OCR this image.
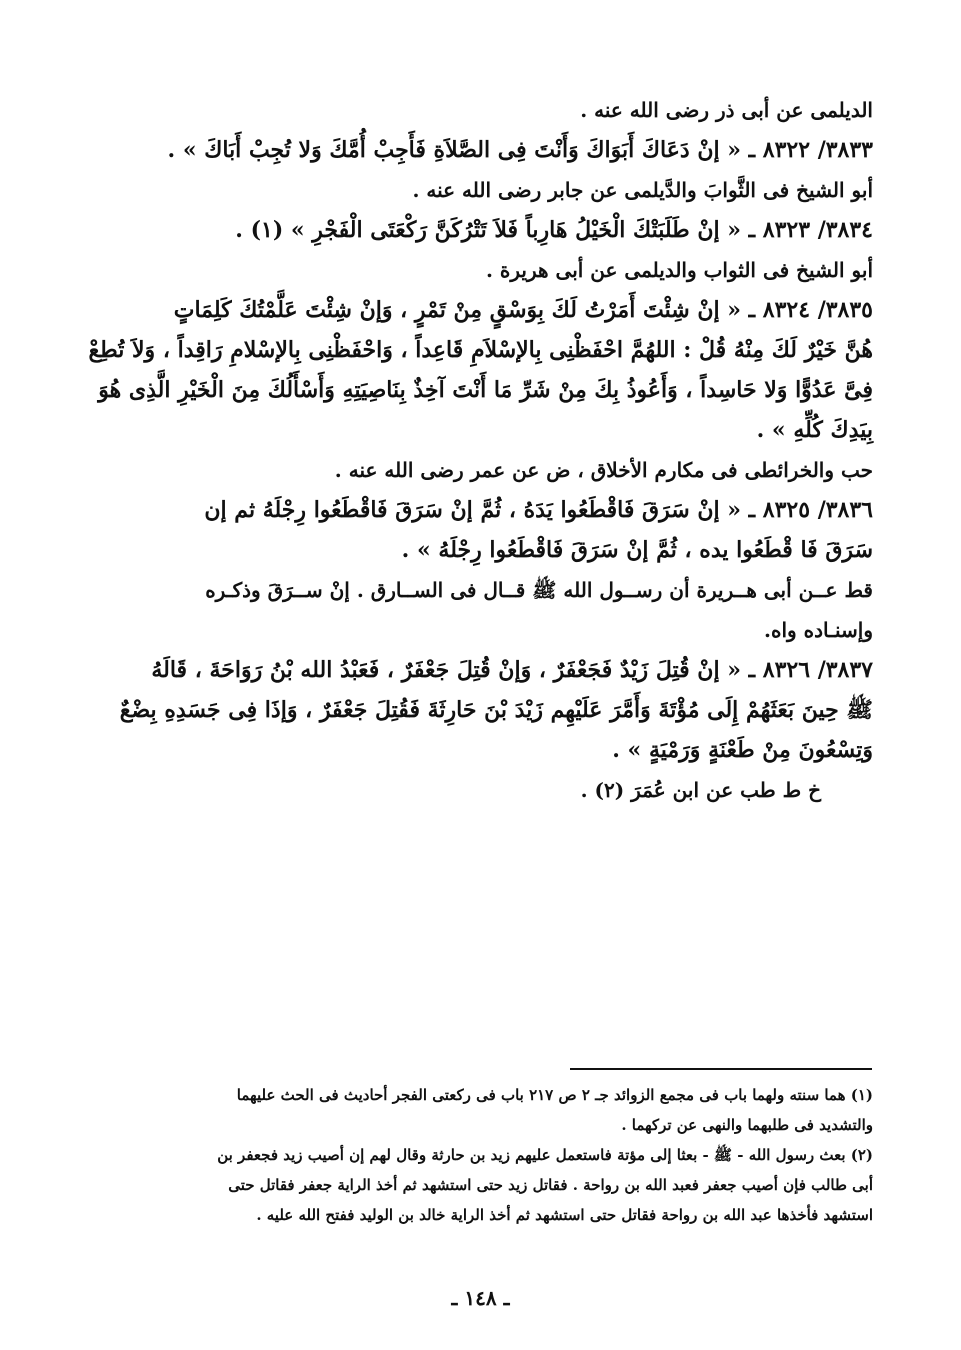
الديلمى عن أبى ذر رضى الله عنه .

٣٨٣٣/ ٨٣٢٢ ـ « إنْ دَعَاكَ أَبَوَاكَ وَأَنْتَ فِى الصَّلاَةِ فَأَجِبْ أُمَّكَ وَلا تُجِبْ أَبَاكَ » .

أبو الشيخ فى الثَّوابَ والدَّيلمى عن جابر رضى الله عنه .

٣٨٣٤/ ٨٣٢٣ ـ « إنْ طَلَبَتْكَ الْخَيْلُ هَارِباً فَلاَ تَتْرُكَنَّ رَكْعَتَى الْفَجْرِ » (١) .

أبو الشيخ فى الثواب والديلمى عن أبى هريرة .

٣٨٣٥/ ٨٣٢٤ ـ « إنْ شِئْتَ أَمَرْتُ لَكَ بِوَسْقٍ مِنْ تَمْرٍ ، وَإنْ شِئْتَ عَلَّمْتُكَ كَلِمَاتٍ

هُنَّ خَيْرٌ لَكَ مِنْهُ قُلْ : اللهُمَّ احْفَظْنِى بِالإسْلاَمِ قَاعِداً ، وَاحْفَظْنِى بِالإسْلامِ رَاقِداً ، وَلاَ تُطِعْ

فِىَّ عَدُوًّا وَلا حَاسِداً ، وَأَعُوذُ بِكَ مِنْ شَرِّ مَا أَنْتَ آخِذٌ بِنَاصِيَتِهِ وَأَسْأَلُكَ مِنَ الْخَيْرِ الَّذِى هُوَ

بِيَدِكَ كُلِّهِ » .

حب والخرائطى فى مكارم الأخلاق ، ض عن عمر رضى الله عنه .

٣٨٣٦/ ٨٣٢٥ ـ « إنْ سَرَقَ فَاقْطَعُوا يَدَهُ ، ثُمَّ إنْ سَرَقَ فَاقْطَعُوا رِجْلَهُ ثم إن

سَرَقَ فَا قْطَعُوا يده ، ثُمَّ إنْ سَرَقَ فَاقْطَعُوا رِجْلَهُ » .

قط عــن أبى هــريرة أن رســول الله ﷺ قــال فى الســارق . إنْ ســرَقَ وذكـره

وإسنـاده واه.

٣٨٣٧/ ٨٣٢٦ ـ « إنْ قُتِلَ زَيْدٌ فَجَعْفَرٌ ، وَإنْ قُتِلَ جَعْفَرٌ ، فَعَبْدُ الله بْنُ رَوَاحَةَ ، قَالَهُ

ﷺ حِينَ بَعَثَهُمْ إِلَى مُؤْتَةَ وَأَمَّرَ عَلَيْهِم زَيْدَ بْنَ حَارِثَةَ فَقُتِلَ جَعْفَرٌ ، وَإذَا فِى جَسَدِهِ بِضْعٌ

وَتِسْعُونَ مِنْ طَعْنَةٍ وَرَمْيَةٍ » .

خ ط طب عن ابن عُمَرَ (٢) .

(١) هما سنته ولهما باب فى مجمع الزوائد جـ ٢ ص ٢١٧ باب فى ركعتى الفجر أحاديث فى الحث عليهما

والتشديد فى طلبهما والنهى عن تركهما .

(٢) بعث رسول الله - ﷺ - بعثا إلى مؤتة فاستعمل عليهم زيد بن حارثة وقال لهم إن أصيب زيد فجعفر بن

أبى طالب فإن أصيب جعفر فعبد الله بن رواحة . فقاتل زيد حتى استشهد ثم أخذ الراية جعفر فقاتل حتى

استشهد فأخذها عبد الله بن رواحة فقاتل حتى استشهد ثم أخذ الراية خالد بن الوليد ففتح الله عليه .

ـ ١٤٨ ـ
